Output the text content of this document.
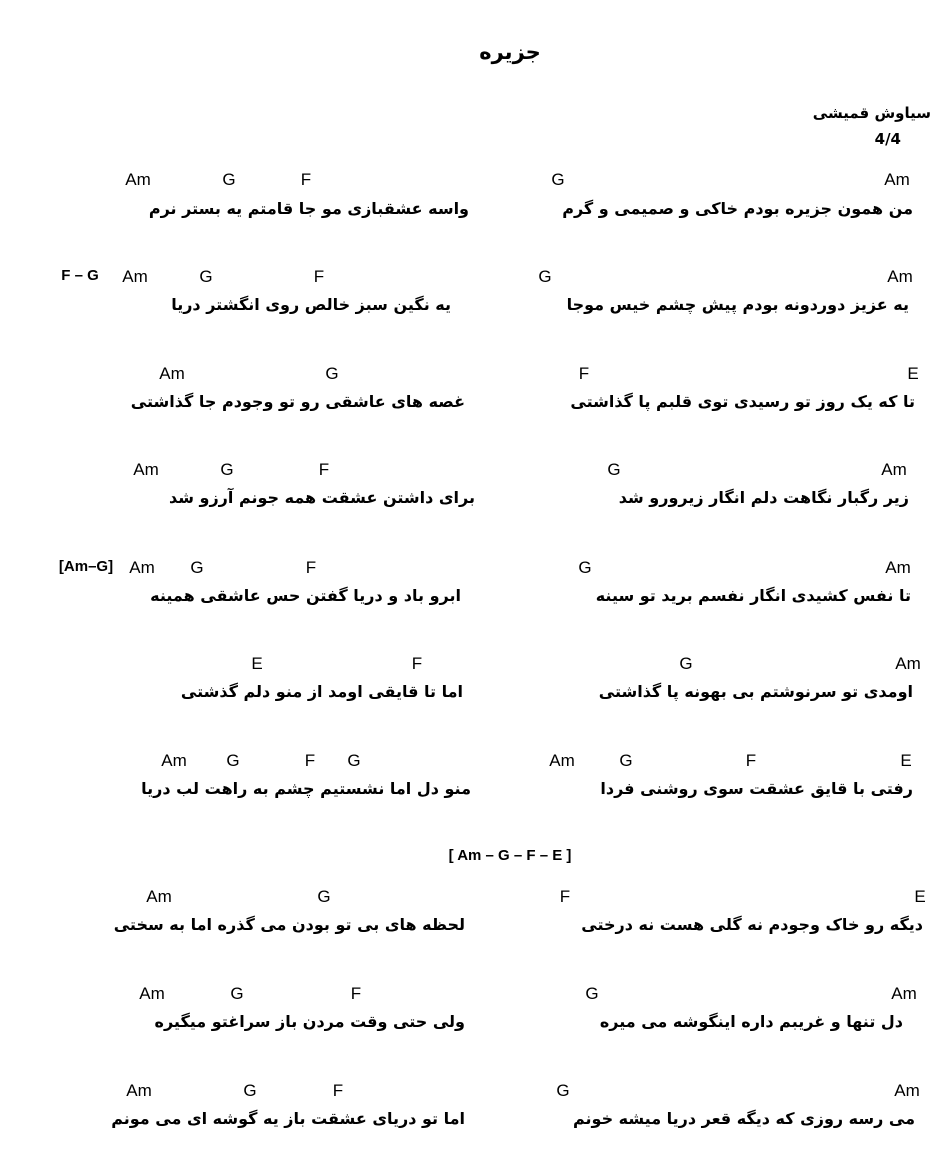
جزیره
سیاوش قمیشی
4/4
Am	G	F	G	Am
واسه عشقبازی مو جا قامتم یه بستر نرم	من همون جزیره بودم خاکی و صمیمی و گرم
F – G Am	G	F	G	Am
یه نگین سبز خالص روی انگشتر دریا	یه عزیز دوردونه بودم پیش چشم خیس موجا
Am	G	F	E
غصه های عاشقی رو تو وجودم جا گذاشتی	تا که یک روز تو رسیدی توی قلبم پا گذاشتی
Am	G	F	G	Am
برای داشتن عشقت همه جونم آرزو شد	زیر رگبار نگاهت دلم انگار زیرورو شد
[Am–G] Am G	F	G	Am
ابرو باد و دریا گفتن حس عاشقی همینه	تا نفس کشیدی انگار نفسم برید تو سینه
E	F	G	Am
اما تا قایقی اومد از منو دلم گذشتی	اومدی تو سرنوشتم بی بهونه پا گذاشتی
Am G	F G	Am	G	F	E
منو دل اما نشستیم چشم به راهت لب دریا	رفتی با قایق عشقت سوی روشنی فردا
[ Am – G – F – E ]
Am	G	F	E
لحظه های بی تو بودن می گذره اما به سختی	دیگه رو خاک وجودم نه گلی هست نه درختی
Am	G	F	G	Am
ولی حتی وقت مردن باز سراغتو میگیره	دل تنها و غریبم داره اینگوشه می میره
Am	G	F	G	Am
اما تو دریای عشقت باز یه گوشه ای می مونم	می رسه روزی که دیگه قعر دریا میشه خونم
